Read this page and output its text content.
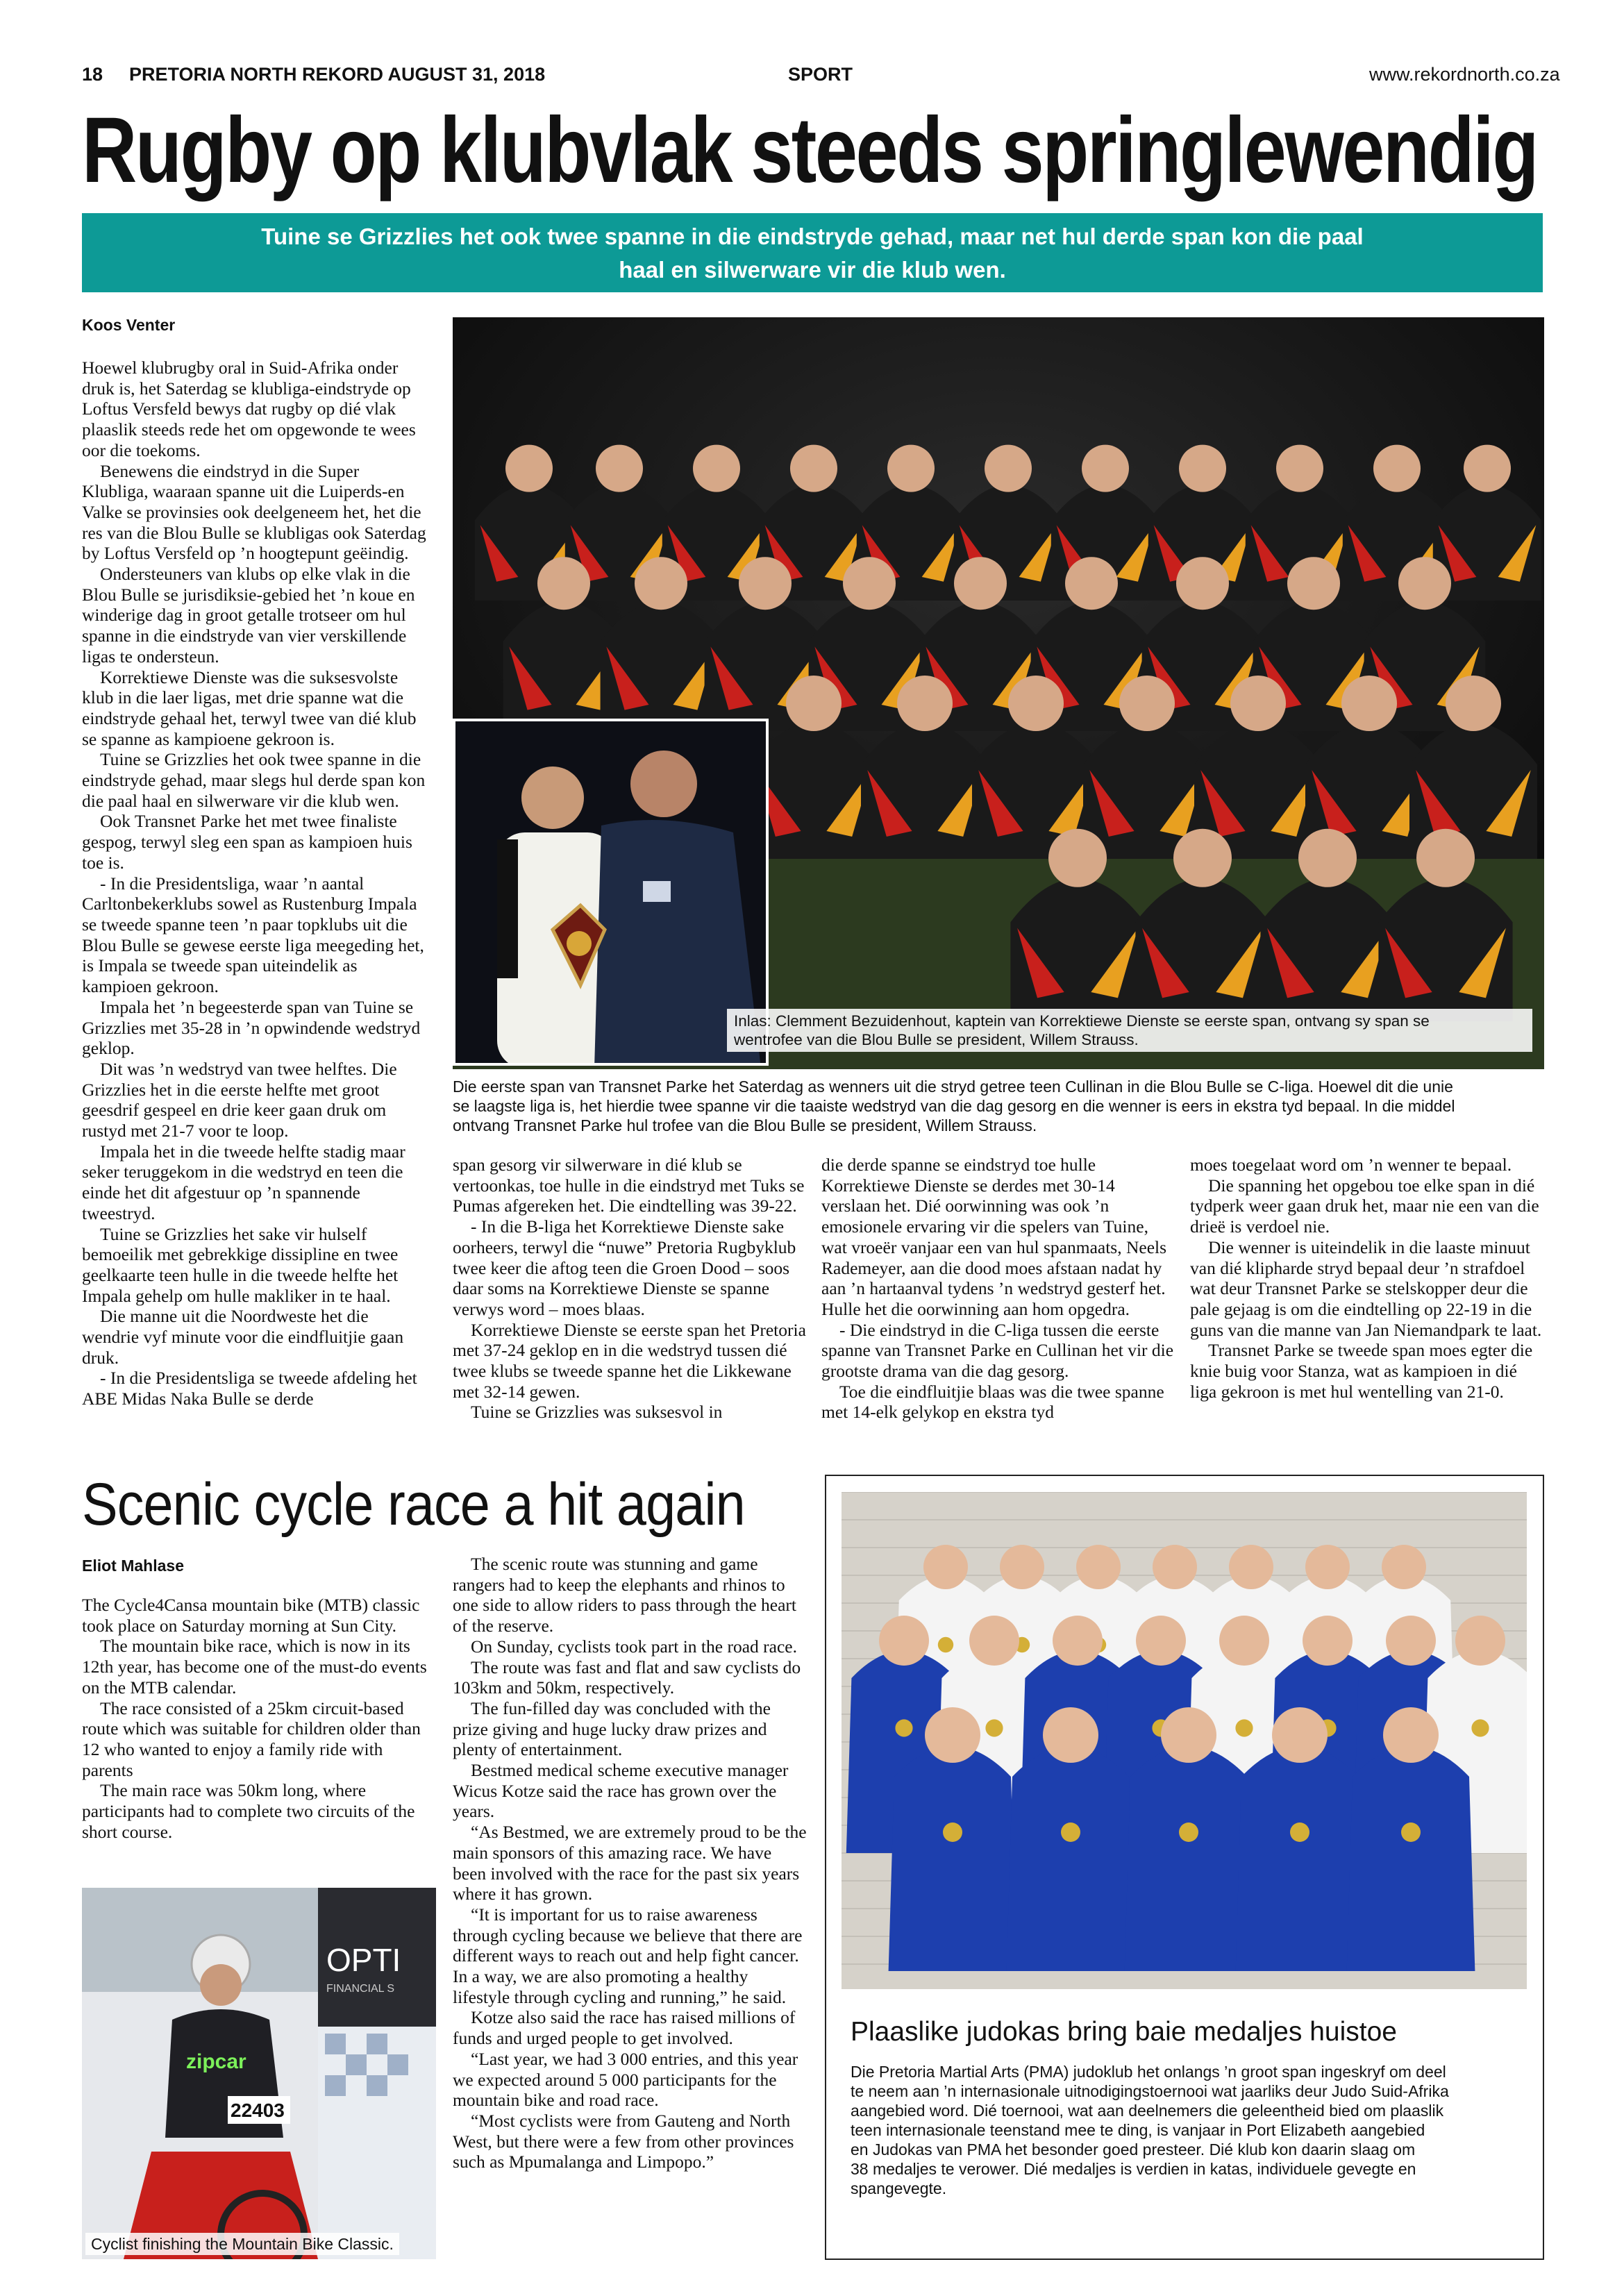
18 PRETORIA NORTH REKORD AUGUST 31, 2018	SPORT	www.rekordnorth.co.za
Rugby op klubvlak steeds springlewendig
Tuine se Grizzlies het ook twee spanne in die eindstryde gehad, maar net hul derde span kon die paal
haal en silwerware vir die klub wen.
Koos Venter

Hoewel klubrugby oral in Suid-Afrika onder druk is, het Saterdag se klubliga-eindstryde op Loftus Versfeld bewys dat rugby op dié vlak plaaslik steeds rede het om opgewonde te wees oor die toekoms.

Benewens die eindstryd in die Super Klubliga, waaraan spanne uit die Luiperds-en Valke se provinsies ook deelgeneem het, het die res van die Blou Bulle se klubligas ook Saterdag by Loftus Versfeld op ’n hoogtepunt geëindig.

Ondersteuners van klubs op elke vlak in die Blou Bulle se jurisdiksie-gebied het ’n koue en winderige dag in groot getalle trotseer om hul spanne in die eindstryde van vier verskillende ligas te ondersteun.

Korrektiewe Dienste was die suksesvolste klub in die laer ligas, met drie spanne wat die eindstryde gehaal het, terwyl twee van dié klub se spanne as kampioene gekroon is.

Tuine se Grizzlies het ook twee spanne in die eindstryde gehad, maar slegs hul derde span kon die paal haal en silwerware vir die klub wen.

Ook Transnet Parke het met twee finaliste gespog, terwyl sleg een span as kampioen huis toe is.

- In die Presidentsliga, waar ’n aantal Carltonbekerklubs sowel as Rustenburg Impala se tweede spanne teen ’n paar topklubs uit die Blou Bulle se gewese eerste liga meegeding het, is Impala se tweede span uiteindelik as kampioen gekroon.

Impala het ’n begeesterde span van Tuine se Grizzlies met 35-28 in ’n opwindende wedstryd geklop.

Dit was ’n wedstryd van twee helftes. Die Grizzlies het in die eerste helfte met groot geesdrif gespeel en drie keer gaan druk om rustyd met 21-7 voor te loop.

Impala het in die tweede helfte stadig maar seker teruggekom in die wedstryd en teen die einde het dit afgestuur op ’n spannende tweestryd.

Tuine se Grizzlies het sake vir hulself bemoeilik met gebrekkige dissipline en twee geelkaarte teen hulle in die tweede helfte het Impala gehelp om hulle makliker in te haal.

Die manne uit die Noordweste het die wendrie vyf minute voor die eindfluitjie gaan druk.

- In die Presidentsliga se tweede afdeling het ABE Midas Naka Bulle se derde

Inlas: Clemment Bezuidenhout, kaptein van Korrektiewe Dienste se eerste span, ontvang sy span se
wentrofee van die Blou Bulle se president, Willem Strauss.
Die eerste span van Transnet Parke het Saterdag as wenners uit die stryd getree teen Cullinan in die Blou Bulle se C-liga. Hoewel dit die unie
se laagste liga is, het hierdie twee spanne vir die taaiste wedstryd van die dag gesorg en die wenner is eers in ekstra tyd bepaal. In die middel
ontvang Transnet Parke hul trofee van die Blou Bulle se president, Willem Strauss.

span gesorg vir silwerware in dié klub se vertoonkas, toe hulle in die eindstryd met Tuks se Pumas afgereken het. Die eindtelling was 39-22.

- In die B-liga het Korrektiewe Dienste sake oorheers, terwyl die “nuwe” Pretoria Rugbyklub twee keer die aftog teen die Groen Dood – soos daar soms na Korrektiewe Dienste se spanne verwys word – moes blaas.

Korrektiewe Dienste se eerste span het Pretoria met 37-24 geklop en in die wedstryd tussen dié twee klubs se tweede spanne het die Likkewane met 32-14 gewen.

Tuine se Grizzlies was suksesvol in

die derde spanne se eindstryd toe hulle Korrektiewe Dienste se derdes met 30-14 verslaan het. Dié oorwinning was ook ’n emosionele ervaring vir die spelers van Tuine, wat vroeër vanjaar een van hul spanmaats, Neels Rademeyer, aan die dood moes afstaan nadat hy aan ’n hartaanval tydens ’n wedstryd gesterf het. Hulle het die oorwinning aan hom opgedra.

- Die eindstryd in die C-liga tussen die eerste spanne van Transnet Parke en Cullinan het vir die grootste drama van die dag gesorg.

Toe die eindfluitjie blaas was die twee spanne met 14-elk gelykop en ekstra tyd

moes toegelaat word om ’n wenner te bepaal.

Die spanning het opgebou toe elke span in dié tydperk weer gaan druk het, maar nie een van die drieë is verdoel nie.

Die wenner is uiteindelik in die laaste minuut van dié klipharde stryd bepaal deur ’n strafdoel wat deur Transnet Parke se stelskopper deur die pale gejaag is om die eindtelling op 22-19 in die guns van die manne van Jan Niemandpark te laat.

Transnet Parke se tweede span moes egter die knie buig voor Stanza, wat as kampioen in dié liga gekroon is met hul wentelling van 21-0.

Scenic cycle race a hit again
Eliot Mahlase

The Cycle4Cansa mountain bike (MTB) classic took place on Saturday morning at Sun City.

The mountain bike race, which is now in its 12th year, has become one of the must-do events on the MTB calendar.

The race consisted of a 25km circuit-based route which was suitable for children older than 12 who wanted to enjoy a family ride with parents

The main race was 50km long, where participants had to complete two circuits of the short course.

The scenic route was stunning and game rangers had to keep the elephants and rhinos to one side to allow riders to pass through the heart of the reserve.

On Sunday, cyclists took part in the road race.

The route was fast and flat and saw cyclists do 103km and 50km, respectively.

The fun-filled day was concluded with the prize giving and huge lucky draw prizes and plenty of entertainment.

Bestmed medical scheme executive manager Wicus Kotze said the race has grown over the years.

“As Bestmed, we are extremely proud to be the main sponsors of this amazing race. We have been involved with the race for the past six years where it has grown.

“It is important for us to raise awareness through cycling because we believe that there are different ways to reach out and help fight cancer. In a way, we are also promoting a healthy lifestyle through cycling and running,” he said.

Kotze also said the race has raised millions of funds and urged people to get involved.

“Last year, we had 3 000 entries, and this year we expected around 5 000 participants for the mountain bike and road race.

“Most cyclists were from Gauteng and North West, but there were a few from other provinces such as Mpumalanga and Limpopo.”

OPTI
FINANCIAL S
zipcar
22403
Cyclist finishing the Mountain Bike Classic.
Plaaslike judokas bring baie medaljes huistoe
Die Pretoria Martial Arts (PMA) judoklub het onlangs ’n groot span ingeskryf om deel
te neem aan ’n internasionale uitnodigingstoernooi wat jaarliks deur Judo Suid-Afrika
aangebied word. Dié toernooi, wat aan deelnemers die geleentheid bied om plaaslik
teen internasionale teenstand mee te ding, is vanjaar in Port Elizabeth aangebied
en Judokas van PMA het besonder goed presteer. Dié klub kon daarin slaag om
38 medaljes te verower. Dié medaljes is verdien in katas, individuele gevegte en
spangevegte.
